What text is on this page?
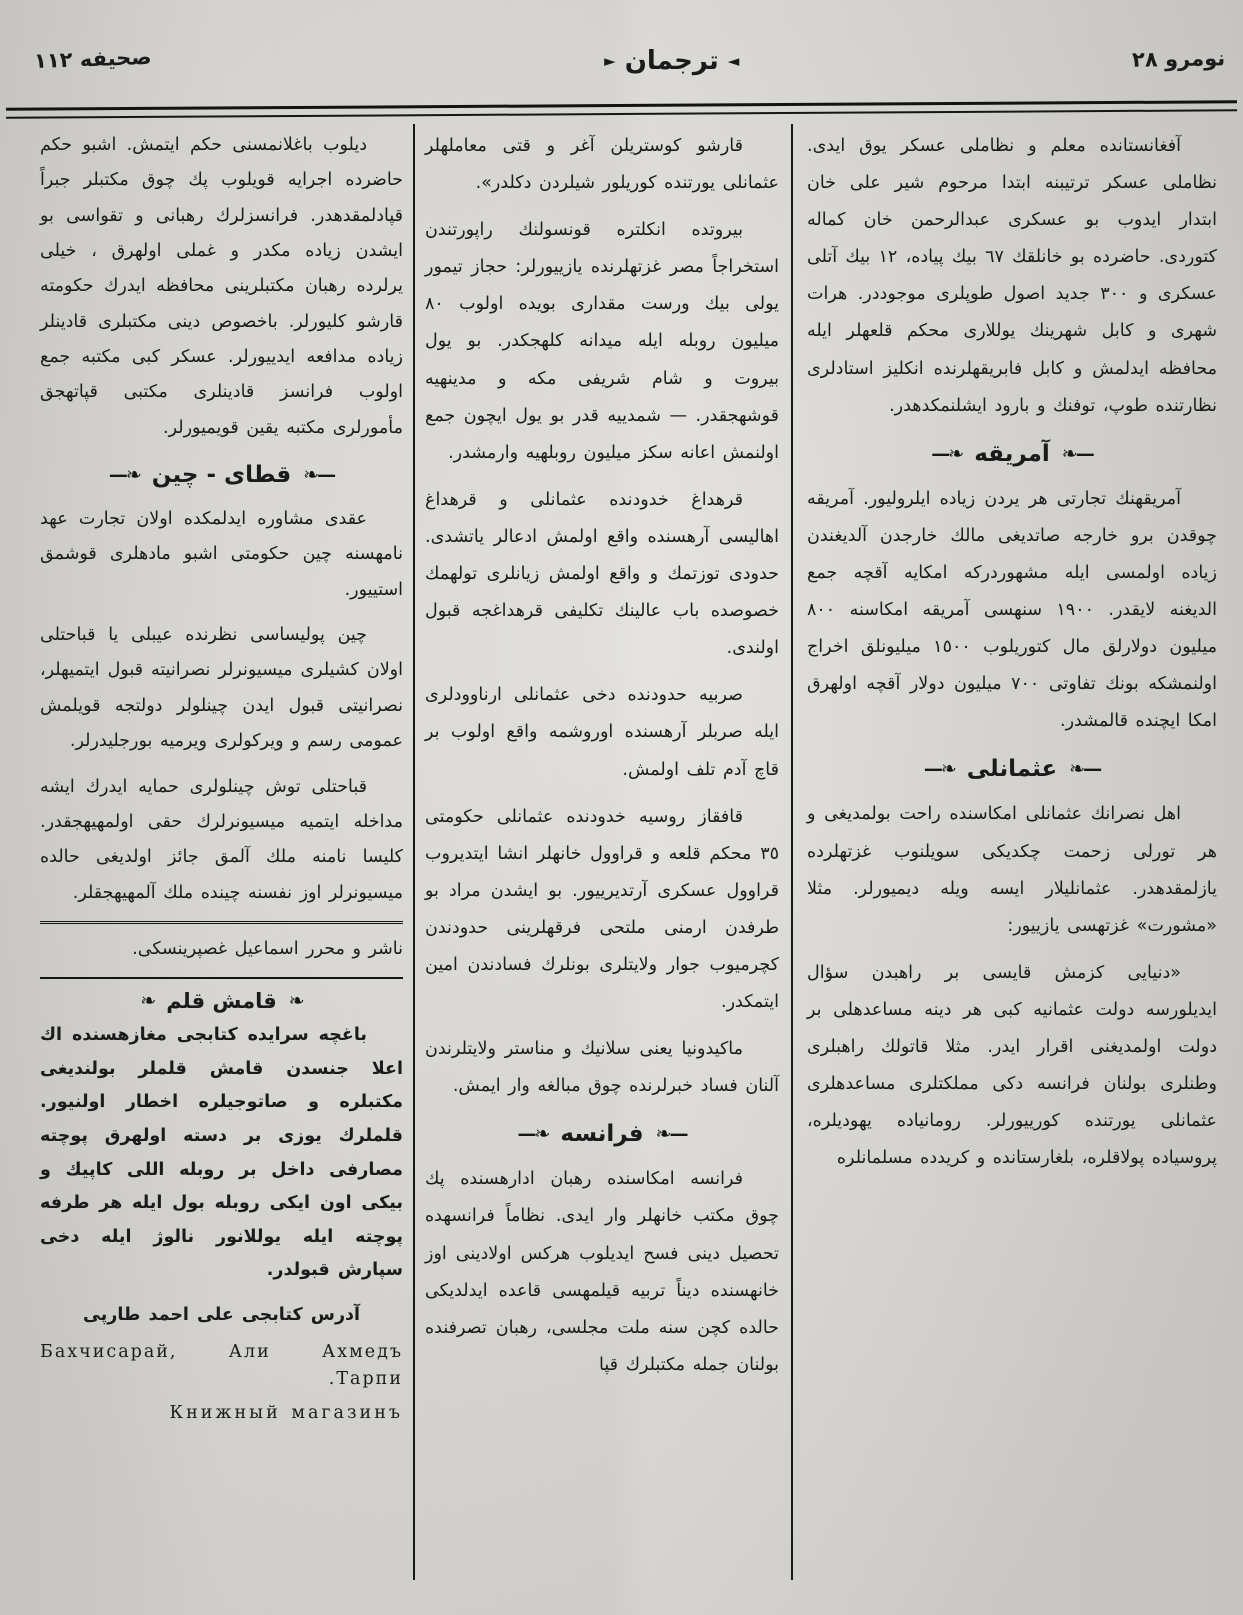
صحيفه ١١٢	► ترجمان ◄	نومرو ٢٨

آفغانستانده معلم و نظاملی عسكر یوق ایدی. نظاملی عسكر ترتیبنه ابتدا مرحوم شیر علی خان ابتدار ایدوب بو عسكری عبدالرحمن خان كماله كتوردی. حاضرده بو خانلقك ٦٧ بيك پیاده، ١٢ بيك آتلی عسكری و ٣٠٠ جدید اصول طوپلری موجوددر. هرات شهری و كابل شهرینك یوللاری محكم قلعهلر ایله محافظه ایدلمش و كابل فابریقهلرنده انكلیز استادلری نظارتنده طوپ، توفنك و بارود ایشلنمكدهدر.

❧—
آمريقه
—❧

آمریقهنك تجارتی هر یردن زیاده ایلرولیور. آمریقه چوقدن برو خارجه صاتدیغی مالك خارجدن آلدیغندن زیاده اولمسی ایله مشهوردركه امكایه آقچه جمع الدیغنه لایقدر. ١٩٠٠ سنهسی آمریقه امكاسنه ٨٠٠ میلیون دولارلق مال كتوریلوب ١٥٠٠ میلیونلق اخراج اولنمشكه بونك تفاوتی ٧٠٠ میلیون دولار آقچه اولهرق امكا ایچنده قالمشدر.

❧—
عثمانلی
—❧

اهل نصرانك عثمانلی امكاسنده راحت بولمدیغی و هر تورلی زحمت چكدیكی سویلنوب غزتهلرده یازلمقدهدر. عثمانلیلار ایسه ویله دیمیورلر. مثلا «مشورت» غزتهسی یازییور:

«دنیایی كزمش قایسی بر راهبدن سؤال ایدیلورسه دولت عثمانیه كبی هر دینه مساعدهلی بر دولت اولمدیغنی اقرار ایدر. مثلا قاتولك راهبلری وطنلری بولنان فرانسه دكی مملكتلری مساعدهلری عثمانلی یورتنده كوریيورلر. رومانیاده یهودیلره، پروسیاده پولاقلره، بلغارستانده و كریدده مسلمانلره

قارشو كوستریلن آغر و قتی معاملهلر عثمانلی یورتنده كوریلور شیلردن دكلدر».

بیروتده انكلتره قونسولنك راپورتندن استخراجاً مصر غزتهلرنده یازییورلر: حجاز تیمور یولی بیك ورست مقداری بویده اولوب ٨٠ میلیون روبله ایله میدانه كلهجكدر. بو یول بیروت و شام شریفی مكه و مدینهیه قوشهجقدر. — شمدییه قدر بو یول ایچون جمع اولنمش اعانه سكز میلیون روبلهیه وارمشدر.

قرهداغ خدودنده عثمانلی و قرهداغ اهالیسی آرهسنده واقع اولمش ادعالر یاتشدی. حدودی توزتمك و واقع اولمش زیانلری تولهمك خصوصده باب عالینك تكلیفی قرهداغجه قبول اولندی.

صربیه حدودنده دخی عثمانلی ارناوودلری ایله صربلر آرهسنده اوروشمه واقع اولوب بر قاچ آدم تلف اولمش.

قافقاز روسیه خدودنده عثمانلی حكومتی ٣٥ محكم قلعه و قراوول خانهلر انشا ایتدیروب قراوول عسكری آرتدیریيور. بو ایشدن مراد بو طرفدن ارمنی ملتحی فرقهلرینی حدودندن كچرمیوب جوار ولایتلری بونلرك فسادندن امین ایتمكدر.

ماكیدونیا یعنی سلانیك و مناستر ولایتلرندن آلنان فساد خبرلرنده چوق مبالغه وار ایمش.

❧—
فرانسه
—❧

فرانسه امكاسنده رهبان ادارهسنده پك چوق مكتب خانهلر وار ایدی. نظاماً فرانسهده تحصیل دینی فسح ایدیلوب هركس اولادینی اوز خانهسنده دیناً تربیه قیلمهسی قاعده ایدلدیكی حالده كچن سنه ملت مجلسی، رهبان تصرفنده بولنان جمله مكتبلرك قپا

دیلوب باغلانمسنی حكم ایتمش. اشبو حكم حاضرده اجرایه قویلوب پك چوق مكتبلر جبراً قپادلمقدهدر. فرانسزلرك رهبانی و تقواسی بو ایشدن زیاده مكدر و غملی اولهرق ، خیلی یرلرده رهبان مكتبلرینی محافظه ایدرك حكومته قارشو كلیورلر. باخصوص دینی مكتبلری قادینلر زیاده مدافعه ایدییورلر. عسكر كبی مكتبه جمع اولوب فرانسز قادینلری مكتبی قپاتهجق مأمورلری مكتبه یقین قویمیورلر.

❧—
قطای - چین
—❧

عقدی مشاوره ایدلمكده اولان تجارت عهد نامهسنه چین حكومتی اشبو مادهلری قوشمق استیيور.

چین پولیساسی نظرنده عیبلی یا قباحتلی اولان كشیلری میسیونرلر نصرانیته قبول ایتمیهلر، نصرانیتی قبول ایدن چینلولر دولتجه قویلمش عمومی رسم و ویركولری ویرمیه بورجلیدرلر.

قباحتلی توش چینلولری حمایه ایدرك ایشه مداخله ایتمیه میسیونرلرك حقی اولمهیهجقدر. كلیسا نامنه ملك آلمق جائز اولدیغی حالده میسیونرلر اوز نفسنه چینده ملك آلمهیهجقلر.

ناشر و محرر اسماعیل غصپرینسكی.

❧
قامش قلم
❧

باغچه سرایده كتابجی مغازهسنده اك اعلا جنسدن قامش قلملر بولندیغی مكتبلره و صاتوجیلره اخطار اولنیور. قلملرك یوزی بر دسته اولهرق پوچته مصارفی داخل بر روبله اللی كاپیك و بیكی اون ایكی روبله بول ایله هر طرفه پوچته ایله یوللانور نالوژ ایله دخی سپارش قبولدر.

آدرس كتابجی علی احمد طارپی

Бахчисарай, Али Ахмедъ Тарпи.

Книжный магазинъ
